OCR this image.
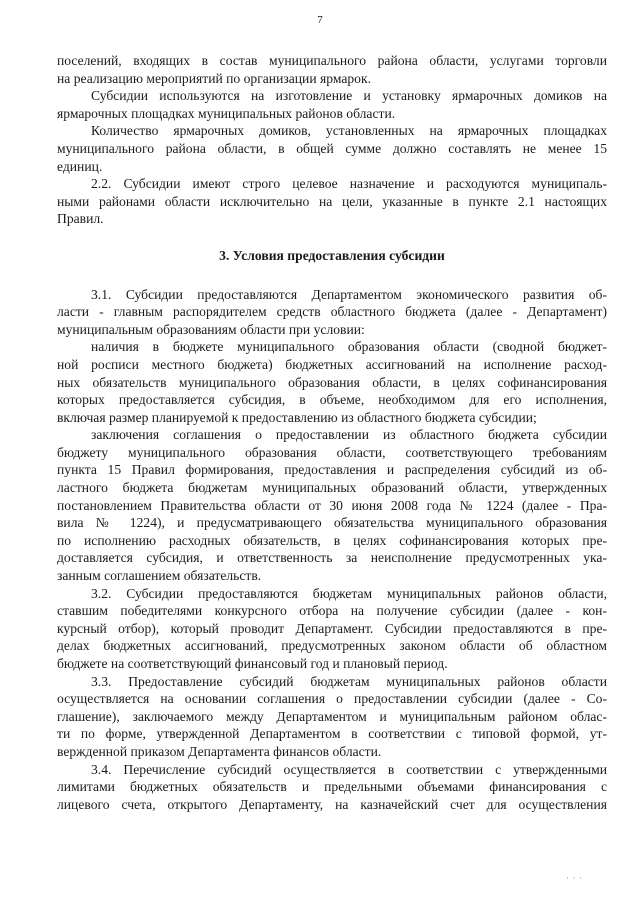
7
поселений, входящих в состав муниципального района области, услугами торговли
на реализацию мероприятий по организации ярмарок.
Субсидии используются на изготовление и установку ярмарочных домиков на
ярмарочных площадках муниципальных районов области.
Количество ярмарочных домиков, установленных на ярмарочных площадках
муниципального района области, в общей сумме должно составлять не менее 15
единиц.
2.2. Субсидии имеют строго целевое назначение и расходуются муниципаль-
ными районами области исключительно на цели, указанные в пункте 2.1 настоящих
Правил.
3. Условия предоставления субсидии
3.1. Субсидии предоставляются Департаментом экономического развития об-
ласти - главным распорядителем средств областного бюджета (далее - Департамент)
муниципальным образованиям области при условии:
наличия в бюджете муниципального образования области (сводной бюджет-
ной росписи местного бюджета) бюджетных ассигнований на исполнение расход-
ных обязательств муниципального образования области, в целях софинансирования
которых предоставляется субсидия, в объеме, необходимом для его исполнения,
включая размер планируемой к предоставлению из областного бюджета субсидии;
заключения соглашения о предоставлении из областного бюджета субсидии
бюджету муниципального образования области, соответствующего требованиям
пункта 15 Правил формирования, предоставления и распределения субсидий из об-
ластного бюджета бюджетам муниципальных образований области, утвержденных
постановлением Правительства области от 30 июня 2008 года № 1224 (далее - Пра-
вила № 1224), и предусматривающего обязательства муниципального образования
по исполнению расходных обязательств, в целях софинансирования которых пре-
доставляется субсидия, и ответственность за неисполнение предусмотренных ука-
занным соглашением обязательств.
3.2. Субсидии предоставляются бюджетам муниципальных районов области,
ставшим победителями конкурсного отбора на получение субсидии (далее - кон-
курсный отбор), который проводит Департамент. Субсидии предоставляются в пре-
делах бюджетных ассигнований, предусмотренных законом области об областном
бюджете на соответствующий финансовый год и плановый период.
3.3. Предоставление субсидий бюджетам муниципальных районов области
осуществляется на основании соглашения о предоставлении субсидии (далее - Со-
глашение), заключаемого между Департаментом и муниципальным районом облас-
ти по форме, утвержденной Департаментом в соответствии с типовой формой, ут-
вержденной приказом Департамента финансов области.
3.4. Перечисление субсидий осуществляется в соответствии с утвержденными
лимитами бюджетных обязательств и предельными объемами финансирования с
лицевого счета, открытого Департаменту, на казначейский счет для осуществления
· · ·
